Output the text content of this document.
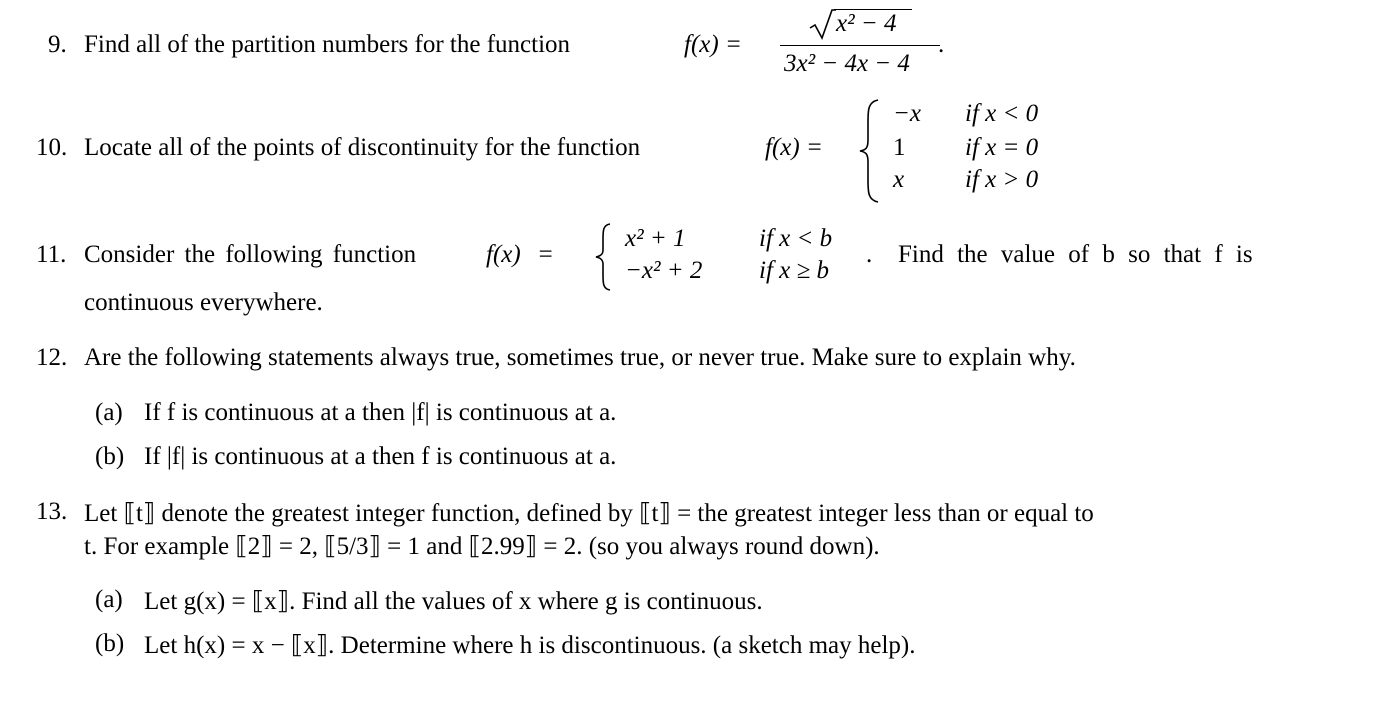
9. Find all of the partition numbers for the function	f(x) =
x² − 4
3x² − 4x − 4
.
10. Locate all of the points of discontinuity for the function	f(x) =
−x if x < 0
1 if x = 0
x if x > 0
11. Consider the following function	f(x) =
x² + 1	if x < b
−x² + 2 if x ≥ b
. Find the value of b so that f is
continuous everywhere.
12. Are the following statements always true, sometimes true, or never true. Make sure to explain why.
(a) If f is continuous at a then |f| is continuous at a.
(b) If |f| is continuous at a then f is continuous at a.
13. Let ⟦t⟧ denote the greatest integer function, defined by ⟦t⟧ = the greatest integer less than or equal to
t. For example ⟦2⟧ = 2, ⟦5/3⟧ = 1 and ⟦2.99⟧ = 2. (so you always round down).
(a) Let g(x) = ⟦x⟧. Find all the values of x where g is continuous.
(b) Let h(x) = x − ⟦x⟧. Determine where h is discontinuous. (a sketch may help).
